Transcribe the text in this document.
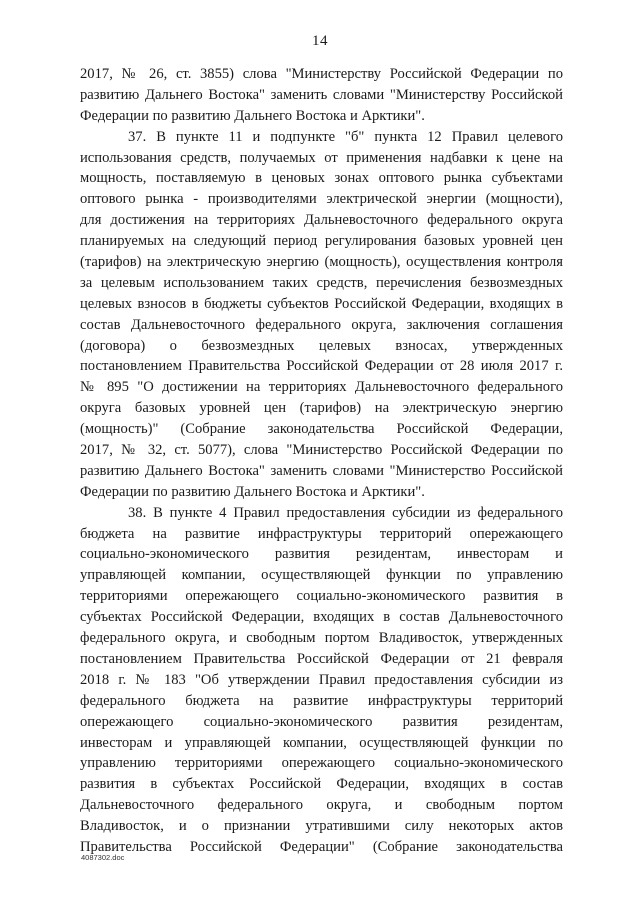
14
2017, № 26, ст. 3855) слова "Министерству Российской Федерации по
развитию Дальнего Востока" заменить словами "Министерству Российской
Федерации по развитию Дальнего Востока и Арктики".
37. В пункте 11 и подпункте "б" пункта 12 Правил целевого
использования средств, получаемых от применения надбавки к цене на
мощность, поставляемую в ценовых зонах оптового рынка субъектами
оптового рынка - производителями электрической энергии (мощности),
для достижения на территориях Дальневосточного федерального округа
планируемых на следующий период регулирования базовых уровней цен
(тарифов) на электрическую энергию (мощность), осуществления контроля
за целевым использованием таких средств, перечисления безвозмездных
целевых взносов в бюджеты субъектов Российской Федерации, входящих в
состав Дальневосточного федерального округа, заключения соглашения
(договора) о безвозмездных целевых взносах, утвержденных
постановлением Правительства Российской Федерации от 28 июля 2017 г.
№ 895 "О достижении на территориях Дальневосточного федерального
округа базовых уровней цен (тарифов) на электрическую энергию
(мощность)" (Собрание законодательства Российской Федерации,
2017, № 32, ст. 5077), слова "Министерство Российской Федерации по
развитию Дальнего Востока" заменить словами "Министерство Российской
Федерации по развитию Дальнего Востока и Арктики".
38. В пункте 4 Правил предоставления субсидии из федерального
бюджета на развитие инфраструктуры территорий опережающего
социально-экономического развития резидентам, инвесторам и
управляющей компании, осуществляющей функции по управлению
территориями опережающего социально-экономического развития в
субъектах Российской Федерации, входящих в состав Дальневосточного
федерального округа, и свободным портом Владивосток, утвержденных
постановлением Правительства Российской Федерации от 21 февраля
2018 г. № 183 "Об утверждении Правил предоставления субсидии из
федерального бюджета на развитие инфраструктуры территорий
опережающего социально-экономического развития резидентам,
инвесторам и управляющей компании, осуществляющей функции по
управлению территориями опережающего социально-экономического
развития в субъектах Российской Федерации, входящих в состав
Дальневосточного федерального округа, и свободным портом
Владивосток, и о признании утратившими силу некоторых актов
Правительства Российской Федерации" (Собрание законодательства
4087302.doc
